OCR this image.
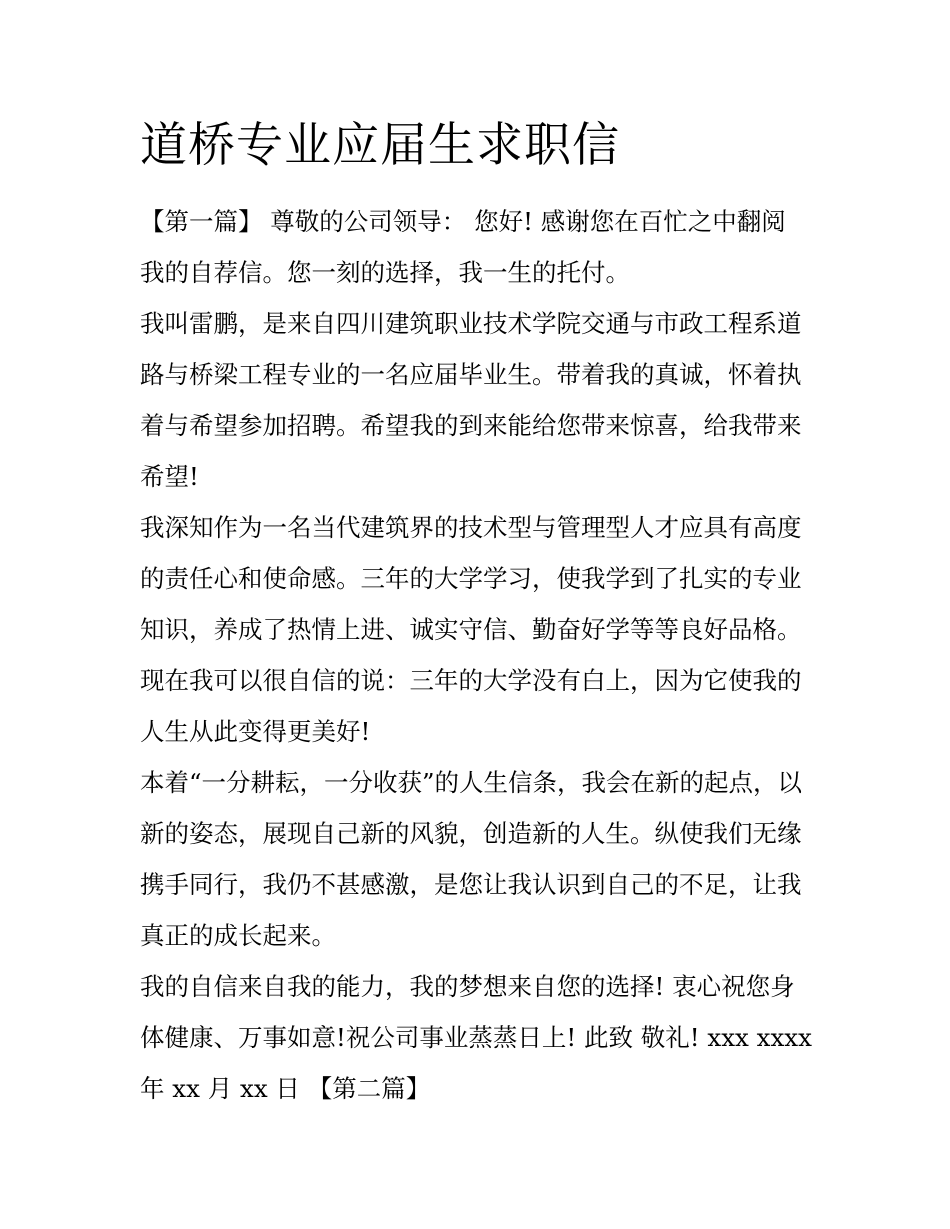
道桥专业应届生求职信
【第一篇】 尊敬的公司领导： 您好! 感谢您在百忙之中翻阅
我的自荐信。您一刻的选择，我一生的托付。
我叫雷鹏，是来自四川建筑职业技术学院交通与市政工程系道
路与桥梁工程专业的一名应届毕业生。带着我的真诚，怀着执
着与希望参加招聘。希望我的到来能给您带来惊喜，给我带来
希望!
我深知作为一名当代建筑界的技术型与管理型人才应具有高度
的责任心和使命感。三年的大学学习，使我学到了扎实的专业
知识，养成了热情上进、诚实守信、勤奋好学等等良好品格。
现在我可以很自信的说：三年的大学没有白上，因为它使我的
人生从此变得更美好!
本着“一分耕耘，一分收获”的人生信条，我会在新的起点，以
新的姿态，展现自己新的风貌，创造新的人生。纵使我们无缘
携手同行，我仍不甚感激，是您让我认识到自己的不足，让我
真正的成长起来。
我的自信来自我的能力，我的梦想来自您的选择! 衷心祝您身
体健康、万事如意!祝公司事业蒸蒸日上! 此致 敬礼! xxx xxxx
年 xx 月 xx 日 【第二篇】
